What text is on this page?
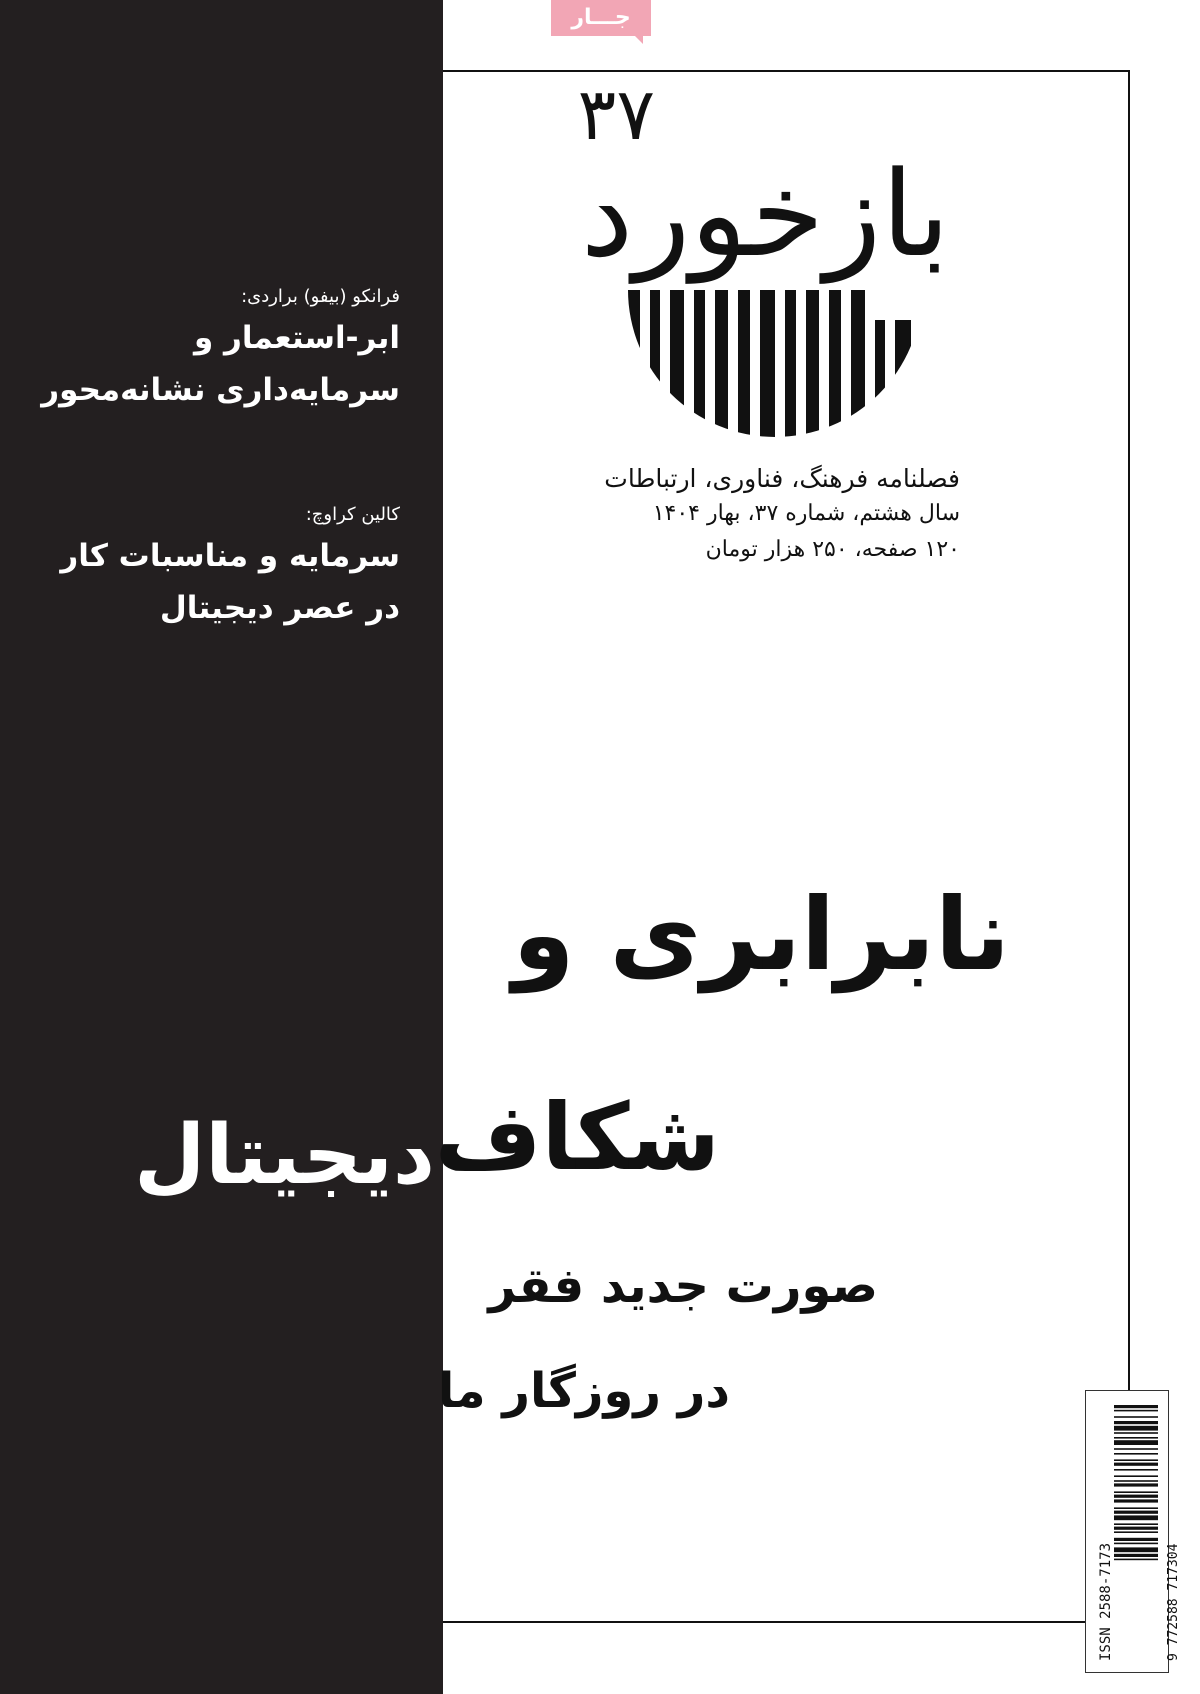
جـــار
۳۷
بازخورد
فصلنامه فرهنگ، فناوری، ارتباطات
سال هشتم، شماره ۳۷، بهار ۱۴۰۴
۱۲۰ صفحه، ۲۵۰ هزار تومان
فرانکو (بیفو) براردی:
ابر-استعمار و
سرمایه‌داری نشانه‌محور
کالین کراوچ:
سرمایه و مناسبات کار
در عصر دیجیتال
نابرابری و
شکاف
دیجیتال
صورت جدید فقر
در روزگار ما
ISSN 2588-7173	9 772588 717304
